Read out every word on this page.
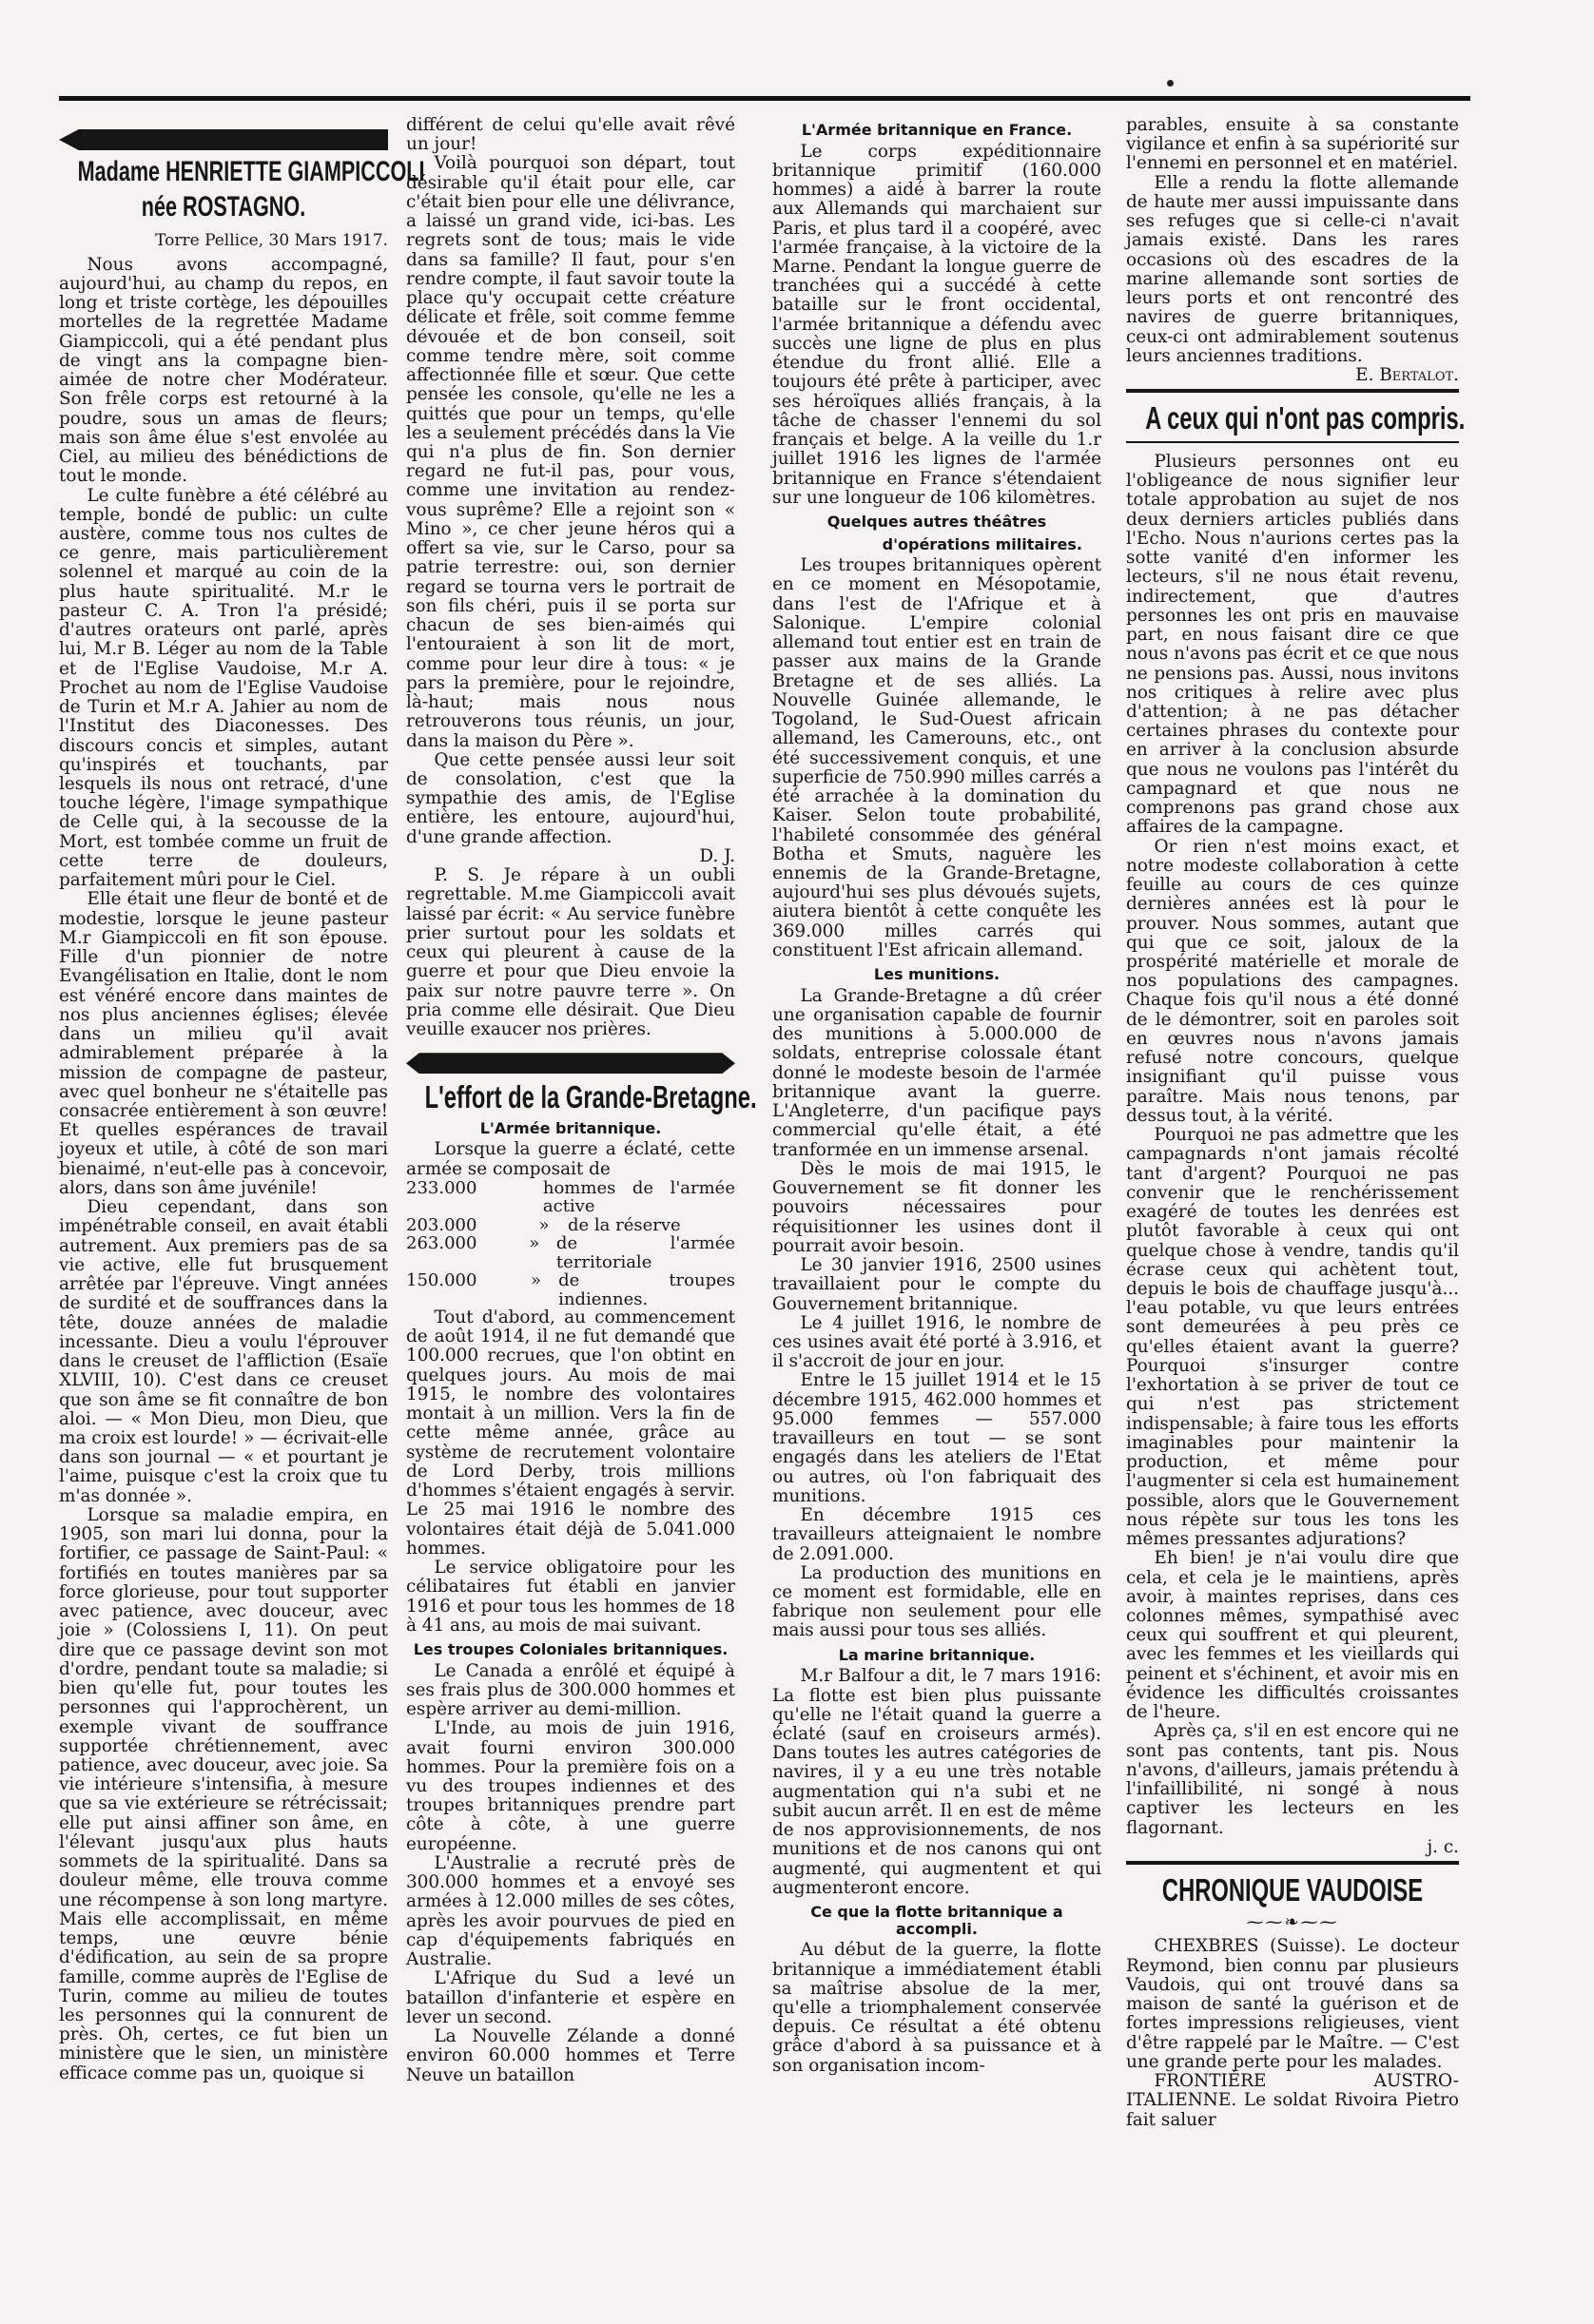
Madame HENRIETTE GIAMPICCOLI
née ROSTAGNO.
Torre Pellice, 30 Mars 1917.

Nous avons accompagné, aujourd'hui, au champ du repos, en long et triste cortège, les dépouilles mortelles de la regrettée Madame Giampiccoli, qui a été pendant plus de vingt ans la compagne bien-aimée de notre cher Modérateur. Son frêle corps est retourné à la poudre, sous un amas de fleurs; mais son âme élue s'est envolée au Ciel, au milieu des bénédictions de tout le monde.

Le culte funèbre a été célébré au temple, bondé de public: un culte austère, comme tous nos cultes de ce genre, mais particulièrement solennel et marqué au coin de la plus haute spiritualité. M.r le pasteur C. A. Tron l'a présidé; d'autres orateurs ont parlé, après lui, M.r B. Léger au nom de la Table et de l'Eglise Vaudoise, M.r A. Prochet au nom de l'Eglise Vaudoise de Turin et M.r A. Jahier au nom de l'Institut des Diaconesses. Des discours concis et simples, autant qu'inspirés et touchants, par lesquels ils nous ont retracé, d'une touche légère, l'image sympathique de Celle qui, à la secousse de la Mort, est tombée comme un fruit de cette terre de douleurs, parfaitement mûri pour le Ciel.

Elle était une fleur de bonté et de modestie, lorsque le jeune pasteur M.r Giampiccoli en fit son épouse. Fille d'un pionnier de notre Evangélisation en Italie, dont le nom est vénéré encore dans maintes de nos plus anciennes églises; élevée dans un milieu qu'il avait admirablement préparée à la mission de compagne de pasteur, avec quel bonheur ne s'étaitelle pas consacrée entièrement à son œuvre! Et quelles espérances de travail joyeux et utile, à côté de son mari bienaimé, n'eut-elle pas à concevoir, alors, dans son âme juvénile!

Dieu cependant, dans son impénétrable conseil, en avait établi autrement. Aux premiers pas de sa vie active, elle fut brusquement arrêtée par l'épreuve. Vingt années de surdité et de souffrances dans la tête, douze années de maladie incessante. Dieu a voulu l'éprouver dans le creuset de l'affliction (Esaïe XLVIII, 10). C'est dans ce creuset que son âme se fit connaître de bon aloi. — « Mon Dieu, mon Dieu, que ma croix est lourde! » — écrivait-elle dans son journal — « et pourtant je l'aime, puisque c'est la croix que tu m'as donnée ».

Lorsque sa maladie empira, en 1905, son mari lui donna, pour la fortifier, ce passage de Saint-Paul: « fortifiés en toutes manières par sa force glorieuse, pour tout supporter avec patience, avec douceur, avec joie » (Colossiens I, 11). On peut dire que ce passage devint son mot d'ordre, pendant toute sa maladie; si bien qu'elle fut, pour toutes les personnes qui l'approchèrent, un exemple vivant de souffrance supportée chrétiennement, avec patience, avec douceur, avec joie. Sa vie intérieure s'intensifia, à mesure que sa vie extérieure se rétrécissait; elle put ainsi affiner son âme, en l'élevant jusqu'aux plus hauts sommets de la spiritualité. Dans sa douleur même, elle trouva comme une récompense à son long martyre. Mais elle accomplissait, en même temps, une œuvre bénie d'édification, au sein de sa propre famille, comme auprès de l'Eglise de Turin, comme au milieu de toutes les personnes qui la connurent de près. Oh, certes, ce fut bien un ministère que le sien, un ministère efficace comme pas un, quoique si

différent de celui qu'elle avait rêvé un jour!

Voilà pourquoi son départ, tout désirable qu'il était pour elle, car c'était bien pour elle une délivrance, a laissé un grand vide, ici-bas. Les regrets sont de tous; mais le vide dans sa famille? Il faut, pour s'en rendre compte, il faut savoir toute la place qu'y occupait cette créature délicate et frêle, soit comme femme dévouée et de bon conseil, soit comme tendre mère, soit comme affectionnée fille et sœur. Que cette pensée les console, qu'elle ne les a quittés que pour un temps, qu'elle les a seulement précédés dans la Vie qui n'a plus de fin. Son dernier regard ne fut-il pas, pour vous, comme une invitation au rendez-vous suprême? Elle a rejoint son « Mino », ce cher jeune héros qui a offert sa vie, sur le Carso, pour sa patrie terrestre: oui, son dernier regard se tourna vers le portrait de son fils chéri, puis il se porta sur chacun de ses bien-aimés qui l'entouraient à son lit de mort, comme pour leur dire à tous: « je pars la première, pour le rejoindre, là-haut; mais nous nous retrouverons tous réunis, un jour, dans la maison du Père ».

Que cette pensée aussi leur soit de consolation, c'est que la sympathie des amis, de l'Eglise entière, les entoure, aujourd'hui, d'une grande affection.

D. J.

P. S. Je répare à un oubli regrettable. M.me Giampiccoli avait laissé par écrit: « Au service funèbre prier surtout pour les soldats et ceux qui pleurent à cause de la guerre et pour que Dieu envoie la paix sur notre pauvre terre ». On pria comme elle désirait. Que Dieu veuille exaucer nos prières.

L'effort de la Grande-Bretagne.
L'Armée britannique.

Lorsque la guerre a éclaté, cette armée se composait de

233.000	hommes de l'armée active
203.000	»	de la réserve
263.000	» de l'armée territoriale
150.000	»	de troupes indiennes.

Tout d'abord, au commencement de août 1914, il ne fut demandé que 100.000 recrues, que l'on obtint en quelques jours. Au mois de mai 1915, le nombre des volontaires montait à un million. Vers la fin de cette même année, grâce au système de recrutement volontaire de Lord Derby, trois millions d'hommes s'étaient engagés à servir. Le 25 mai 1916 le nombre des volontaires était déjà de 5.041.000 hommes.

Le service obligatoire pour les célibataires fut établi en janvier 1916 et pour tous les hommes de 18 à 41 ans, au mois de mai suivant.

Les troupes Coloniales britanniques.

Le Canada a enrôlé et équipé à ses frais plus de 300.000 hommes et espère arriver au demi-million.

L'Inde, au mois de juin 1916, avait fourni environ 300.000 hommes. Pour la première fois on a vu des troupes indiennes et des troupes britanniques prendre part côte à côte, à une guerre européenne.

L'Australie a recruté près de 300.000 hommes et a envoyé ses armées à 12.000 milles de ses côtes, après les avoir pourvues de pied en cap d'équipements fabriqués en Australie.

L'Afrique du Sud a levé un bataillon d'infanterie et espère en lever un second.

La Nouvelle Zélande a donné environ 60.000 hommes et Terre Neuve un bataillon

L'Armée britannique en France.

Le corps expéditionnaire britannique primitif (160.000 hommes) a aidé à barrer la route aux Allemands qui marchaient sur Paris, et plus tard il a coopéré, avec l'armée française, à la victoire de la Marne. Pendant la longue guerre de tranchées qui a succédé à cette bataille sur le front occidental, l'armée britannique a défendu avec succès une ligne de plus en plus étendue du front allié. Elle a toujours été prête à participer, avec ses héroïques alliés français, à la tâche de chasser l'ennemi du sol français et belge. A la veille du 1.r juillet 1916 les lignes de l'armée britannique en France s'étendaient sur une longueur de 106 kilomètres.

Quelques autres théâtres
d'opérations militaires.

Les troupes britanniques opèrent en ce moment en Mésopotamie, dans l'est de l'Afrique et à Salonique. L'empire colonial allemand tout entier est en train de passer aux mains de la Grande Bretagne et de ses alliés. La Nouvelle Guinée allemande, le Togoland, le Sud-Ouest africain allemand, les Camerouns, etc., ont été successivement conquis, et une superficie de 750.990 milles carrés a été arrachée à la domination du Kaiser. Selon toute probabilité, l'habileté consommée des général Botha et Smuts, naguère les ennemis de la Grande-Bretagne, aujourd'hui ses plus dévoués sujets, aiutera bientôt à cette conquête les 369.000 milles carrés qui constituent l'Est africain allemand.

Les munitions.

La Grande-Bretagne a dû créer une organisation capable de fournir des munitions à 5.000.000 de soldats, entreprise colossale étant donné le modeste besoin de l'armée britannique avant la guerre. L'Angleterre, d'un pacifique pays commercial qu'elle était, a été tranformée en un immense arsenal.

Dès le mois de mai 1915, le Gouvernement se fit donner les pouvoirs nécessaires pour réquisitionner les usines dont il pourrait avoir besoin.

Le 30 janvier 1916, 2500 usines travaillaient pour le compte du Gouvernement britannique.

Le 4 juillet 1916, le nombre de ces usines avait été porté à 3.916, et il s'accroit de jour en jour.

Entre le 15 juillet 1914 et le 15 décembre 1915, 462.000 hommes et 95.000 femmes — 557.000 travailleurs en tout — se sont engagés dans les ateliers de l'Etat ou autres, où l'on fabriquait des munitions.

En décembre 1915 ces travailleurs atteignaient le nombre de 2.091.000.

La production des munitions en ce moment est formidable, elle en fabrique non seulement pour elle mais aussi pour tous ses alliés.

La marine britannique.

M.r Balfour a dit, le 7 mars 1916: La flotte est bien plus puissante qu'elle ne l'était quand la guerre a éclaté (sauf en croiseurs armés). Dans toutes les autres catégories de navires, il y a eu une très notable augmentation qui n'a subi et ne subit aucun arrêt. Il en est de même de nos approvisionnements, de nos munitions et de nos canons qui ont augmenté, qui augmentent et qui augmenteront encore.

Ce que la flotte britannique a accompli.

Au début de la guerre, la flotte britannique a immédiatement établi sa maîtrise absolue de la mer, qu'elle a triomphalement conservée depuis. Ce résultat a été obtenu grâce d'abord à sa puissance et à son organisation incom-

parables, ensuite à sa constante vigilance et enfin à sa supériorité sur l'ennemi en personnel et en matériel.

Elle a rendu la flotte allemande de haute mer aussi impuissante dans ses refuges que si celle-ci n'avait jamais existé. Dans les rares occasions où des escadres de la marine allemande sont sorties de leurs ports et ont rencontré des navires de guerre britanniques, ceux-ci ont admirablement soutenus leurs anciennes traditions.

E. Bertalot.
A ceux qui n'ont pas compris.

Plusieurs personnes ont eu l'obligeance de nous signifier leur totale approbation au sujet de nos deux derniers articles publiés dans l'Echo. Nous n'aurions certes pas la sotte vanité d'en informer les lecteurs, s'il ne nous était revenu, indirectement, que d'autres personnes les ont pris en mauvaise part, en nous faisant dire ce que nous n'avons pas écrit et ce que nous ne pensions pas. Aussi, nous invitons nos critiques à relire avec plus d'attention; à ne pas détacher certaines phrases du contexte pour en arriver à la conclusion absurde que nous ne voulons pas l'intérêt du campagnard et que nous ne comprenons pas grand chose aux affaires de la campagne.

Or rien n'est moins exact, et notre modeste collaboration à cette feuille au cours de ces quinze dernières années est là pour le prouver. Nous sommes, autant que qui que ce soit, jaloux de la prospérité matérielle et morale de nos populations des campagnes. Chaque fois qu'il nous a été donné de le démontrer, soit en paroles soit en œuvres nous n'avons jamais refusé notre concours, quelque insignifiant qu'il puisse vous paraître. Mais nous tenons, par dessus tout, à la vérité.

Pourquoi ne pas admettre que les campagnards n'ont jamais récolté tant d'argent? Pourquoi ne pas convenir que le renchérissement exagéré de toutes les denrées est plutôt favorable à ceux qui ont quelque chose à vendre, tandis qu'il écrase ceux qui achètent tout, depuis le bois de chauffage jusqu'à... l'eau potable, vu que leurs entrées sont demeurées à peu près ce qu'elles étaient avant la guerre? Pourquoi s'insurger contre l'exhortation à se priver de tout ce qui n'est pas strictement indispensable; à faire tous les efforts imaginables pour maintenir la production, et même pour l'augmenter si cela est humainement possible, alors que le Gouvernement nous répète sur tous les tons les mêmes pressantes adjurations?

Eh bien! je n'ai voulu dire que cela, et cela je le maintiens, après avoir, à maintes reprises, dans ces colonnes mêmes, sympathisé avec ceux qui souffrent et qui pleurent, avec les femmes et les vieillards qui peinent et s'échinent, et avoir mis en évidence les difficultés croissantes de l'heure.

Après ça, s'il en est encore qui ne sont pas contents, tant pis. Nous n'avons, d'ailleurs, jamais prétendu à l'infaillibilité, ni songé à nous captiver les lecteurs en les flagornant.

j. c.
CHRONIQUE VAUDOISE
⁓⁓❧⁓⁓

CHEXBRES (Suisse). Le docteur Reymond, bien connu par plusieurs Vaudois, qui ont trouvé dans sa maison de santé la guérison et de fortes impressions religieuses, vient d'être rappelé par le Maître. — C'est une grande perte pour les malades.

FRONTIÈRE AUSTRO-ITALIENNE. Le soldat Rivoira Pietro fait saluer
